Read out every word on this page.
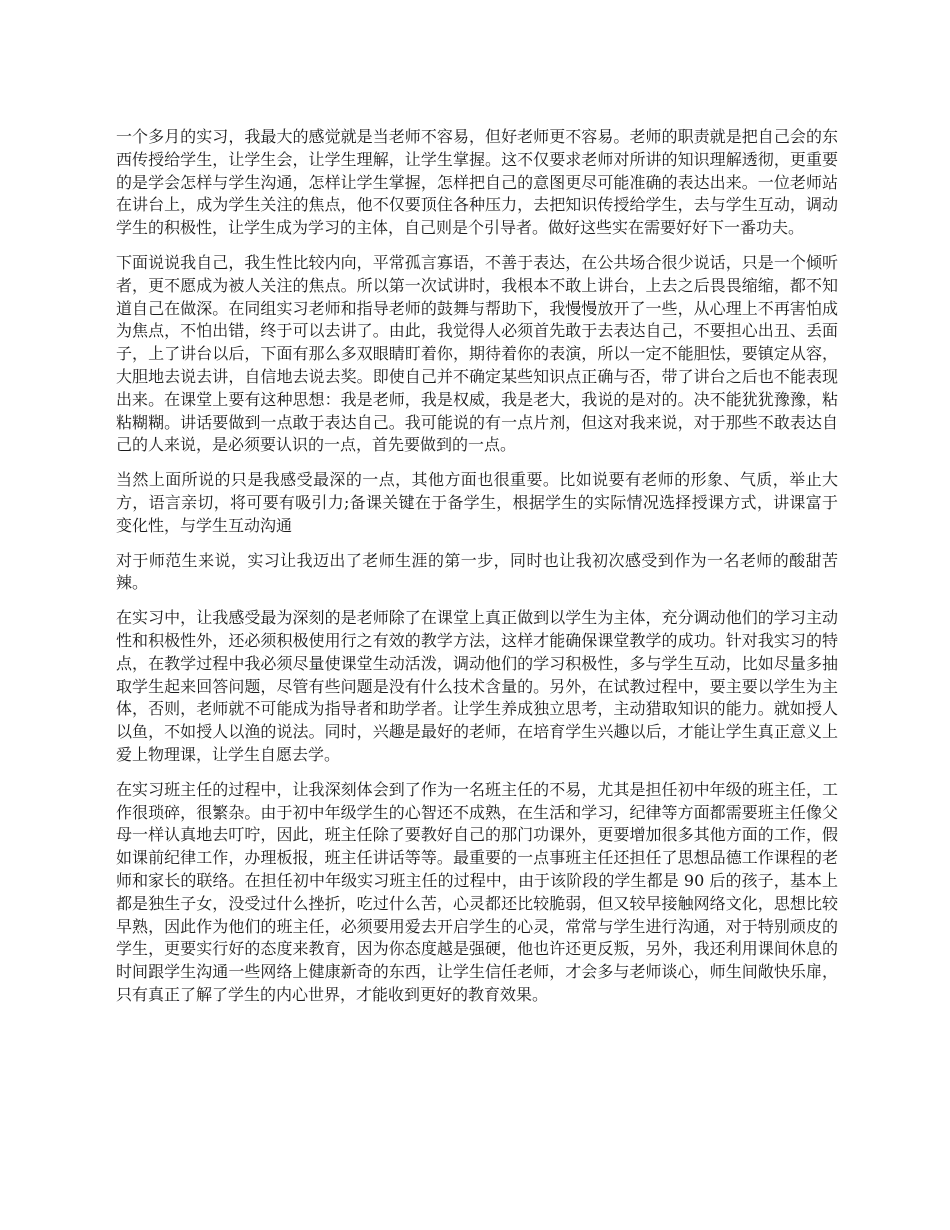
一个多月的实习，我最大的感觉就是当老师不容易，但好老师更不容易。老师的职责就是把自己会的东西传授给学生，让学生会，让学生理解，让学生掌握。这不仅要求老师对所讲的知识理解透彻，更重要的是学会怎样与学生沟通，怎样让学生掌握，怎样把自己的意图更尽可能准确的表达出来。一位老师站在讲台上，成为学生关注的焦点，他不仅要顶住各种压力，去把知识传授给学生，去与学生互动，调动学生的积极性，让学生成为学习的主体，自己则是个引导者。做好这些实在需要好好下一番功夫。

下面说说我自己，我生性比较内向，平常孤言寡语，不善于表达，在公共场合很少说话，只是一个倾听者，更不愿成为被人关注的焦点。所以第一次试讲时，我根本不敢上讲台，上去之后畏畏缩缩，都不知道自己在做深。在同组实习老师和指导老师的鼓舞与帮助下，我慢慢放开了一些，从心理上不再害怕成为焦点，不怕出错，终于可以去讲了。由此，我觉得人必须首先敢于去表达自己，不要担心出丑、丢面子，上了讲台以后，下面有那么多双眼睛盯着你，期待着你的表演，所以一定不能胆怯，要镇定从容，大胆地去说去讲，自信地去说去奖。即使自己并不确定某些知识点正确与否，带了讲台之后也不能表现出来。在课堂上要有这种思想：我是老师，我是权威，我是老大，我说的是对的。决不能犹犹豫豫，粘粘糊糊。讲话要做到一点敢于表达自己。我可能说的有一点片剂，但这对我来说，对于那些不敢表达自己的人来说，是必须要认识的一点，首先要做到的一点。

当然上面所说的只是我感受最深的一点，其他方面也很重要。比如说要有老师的形象、气质，举止大方，语言亲切，将可要有吸引力;备课关键在于备学生，根据学生的实际情况选择授课方式，讲课富于变化性，与学生互动沟通

对于师范生来说，实习让我迈出了老师生涯的第一步，同时也让我初次感受到作为一名老师的酸甜苦辣。

在实习中，让我感受最为深刻的是老师除了在课堂上真正做到以学生为主体，充分调动他们的学习主动性和积极性外，还必须积极使用行之有效的教学方法，这样才能确保课堂教学的成功。针对我实习的特点，在教学过程中我必须尽量使课堂生动活泼，调动他们的学习积极性，多与学生互动，比如尽量多抽取学生起来回答问题，尽管有些问题是没有什么技术含量的。另外，在试教过程中，要主要以学生为主体，否则，老师就不可能成为指导者和助学者。让学生养成独立思考，主动猎取知识的能力。就如授人以鱼，不如授人以渔的说法。同时，兴趣是最好的老师，在培育学生兴趣以后，才能让学生真正意义上爱上物理课，让学生自愿去学。

在实习班主任的过程中，让我深刻体会到了作为一名班主任的不易，尤其是担任初中年级的班主任，工作很琐碎，很繁杂。由于初中年级学生的心智还不成熟，在生活和学习，纪律等方面都需要班主任像父母一样认真地去叮咛，因此，班主任除了要教好自己的那门功课外，更要增加很多其他方面的工作，假如课前纪律工作，办理板报，班主任讲话等等。最重要的一点事班主任还担任了思想品德工作课程的老师和家长的联络。在担任初中年级实习班主任的过程中，由于该阶段的学生都是 90 后的孩子，基本上都是独生子女，没受过什么挫折，吃过什么苦，心灵都还比较脆弱，但又较早接触网络文化，思想比较早熟，因此作为他们的班主任，必须要用爱去开启学生的心灵，常常与学生进行沟通，对于特别顽皮的学生，更要实行好的态度来教育，因为你态度越是强硬，他也许还更反叛，另外，我还利用课间休息的时间跟学生沟通一些网络上健康新奇的东西，让学生信任老师，才会多与老师谈心，师生间敞快乐扉，只有真正了解了学生的内心世界，才能收到更好的教育效果。
